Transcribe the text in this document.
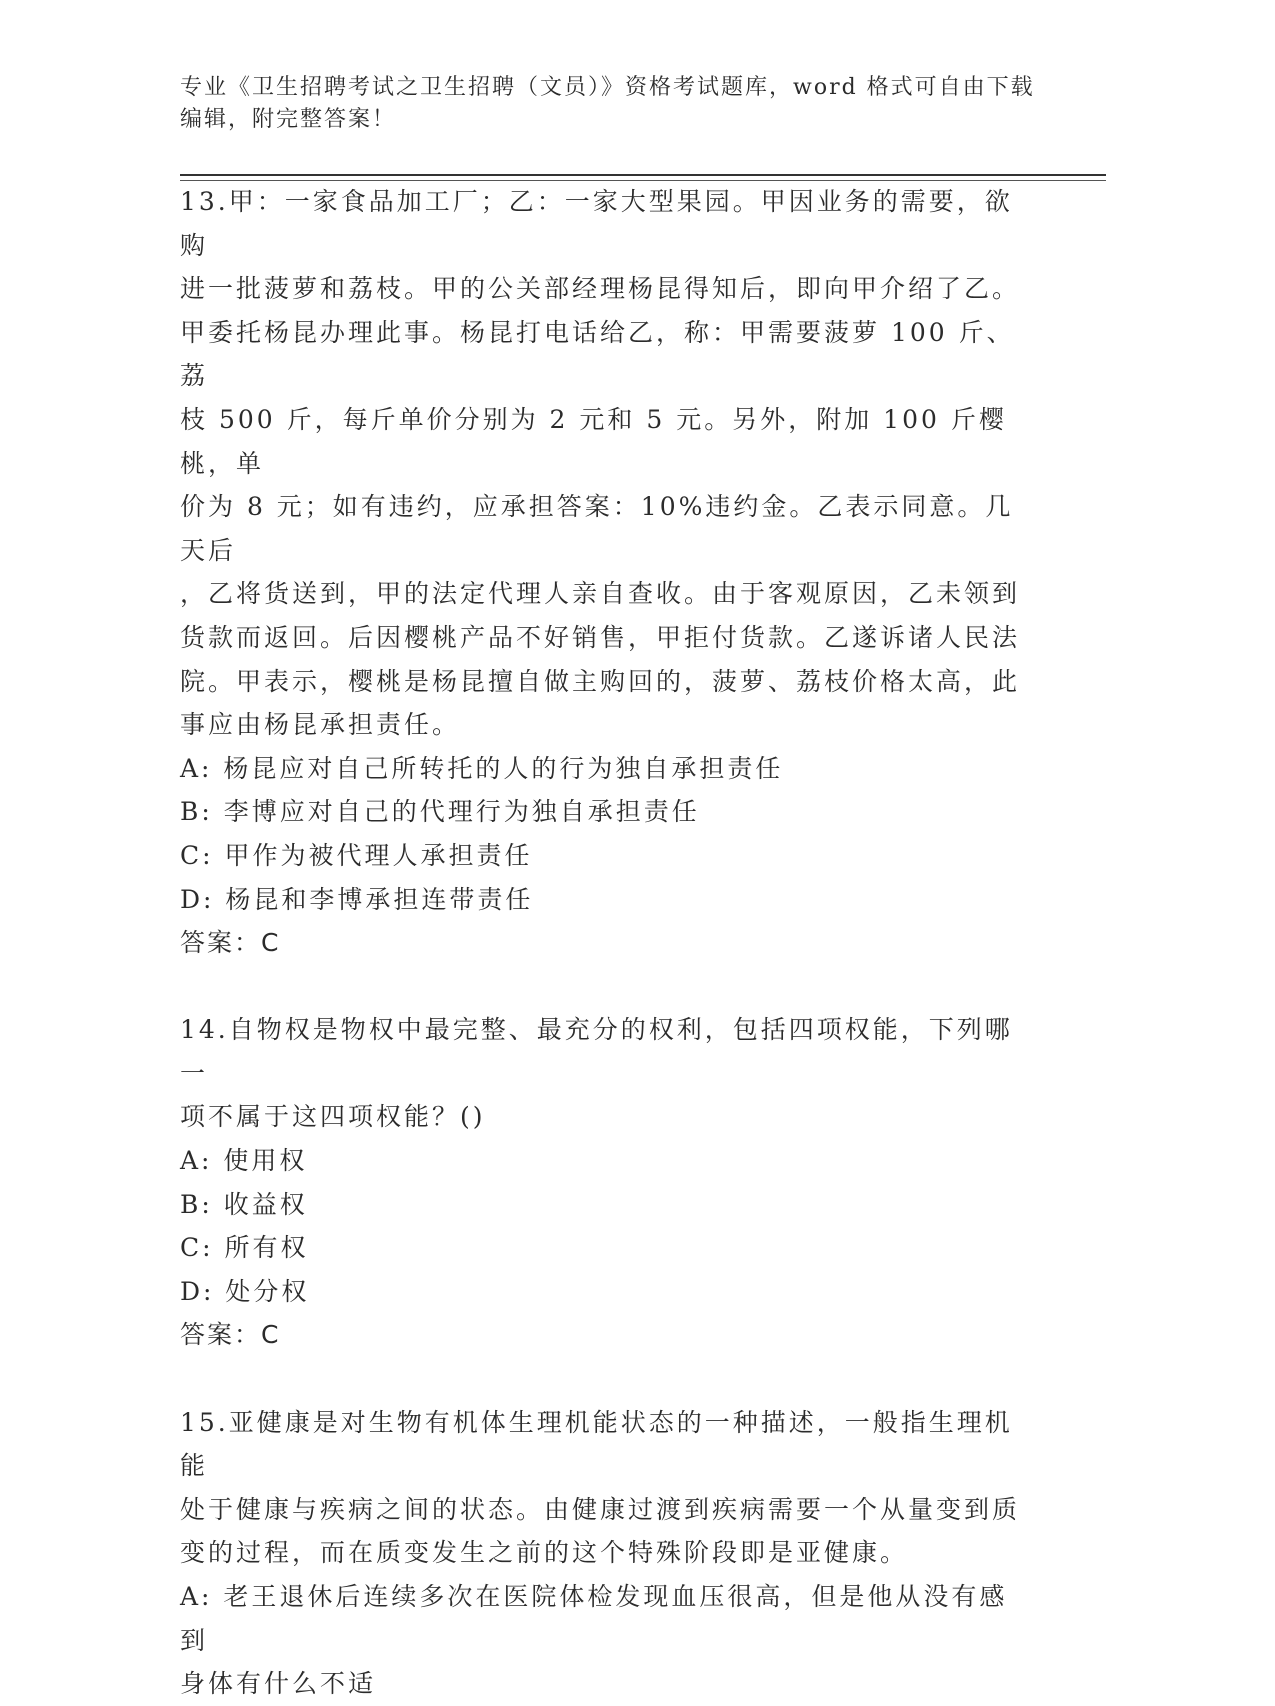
专业《卫生招聘考试之卫生招聘（文员）》资格考试题库，word 格式可自由下载
编辑，附完整答案！
13.甲：一家食品加工厂；乙：一家大型果园。甲因业务的需要，欲购
进一批菠萝和荔枝。甲的公关部经理杨昆得知后，即向甲介绍了乙。
甲委托杨昆办理此事。杨昆打电话给乙，称：甲需要菠萝 100 斤、荔
枝 500 斤，每斤单价分别为 2 元和 5 元。另外，附加 100 斤樱桃，单
价为 8 元；如有违约，应承担答案：10%违约金。乙表示同意。几天后
，乙将货送到，甲的法定代理人亲自查收。由于客观原因，乙未领到
货款而返回。后因樱桃产品不好销售，甲拒付货款。乙遂诉诸人民法
院。甲表示，樱桃是杨昆擅自做主购回的，菠萝、荔枝价格太高，此
事应由杨昆承担责任。
A: 杨昆应对自己所转托的人的行为独自承担责任
B: 李博应对自己的代理行为独自承担责任
C: 甲作为被代理人承担责任
D: 杨昆和李博承担连带责任
答案：C
14.自物权是物权中最完整、最充分的权利，包括四项权能，下列哪一
项不属于这四项权能？()
A: 使用权
B: 收益权
C: 所有权
D: 处分权
答案：C
15.亚健康是对生物有机体生理机能状态的一种描述，一般指生理机能
处于健康与疾病之间的状态。由健康过渡到疾病需要一个从量变到质
变的过程，而在质变发生之前的这个特殊阶段即是亚健康。
A: 老王退休后连续多次在医院体检发现血压很高，但是他从没有感到
身体有什么不适
